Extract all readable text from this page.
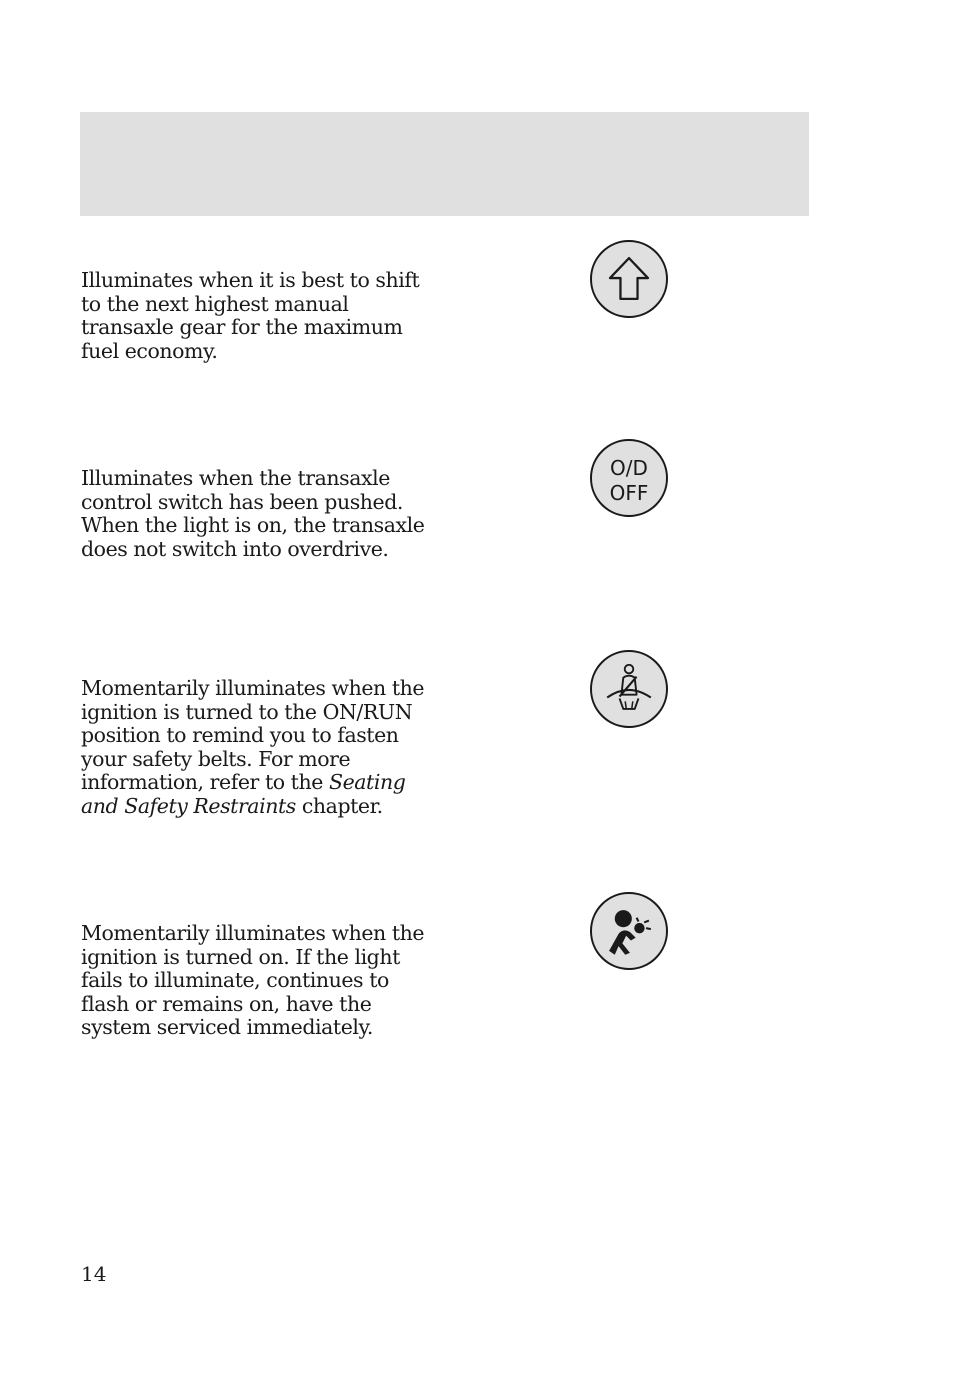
Illuminates when it is best to shift to the next highest manual transaxle gear for the maximum fuel economy.

Illuminates when the transaxle control switch has been pushed. When the light is on, the transaxle does not switch into overdrive.

O/D
OFF

Momentarily illuminates when the ignition is turned to the ON/RUN position to remind you to fasten your safety belts. For more information, refer to the Seating and Safety Restraints chapter.

Momentarily illuminates when the ignition is turned on. If the light fails to illuminate, continues to flash or remains on, have the system serviced immediately.

14
